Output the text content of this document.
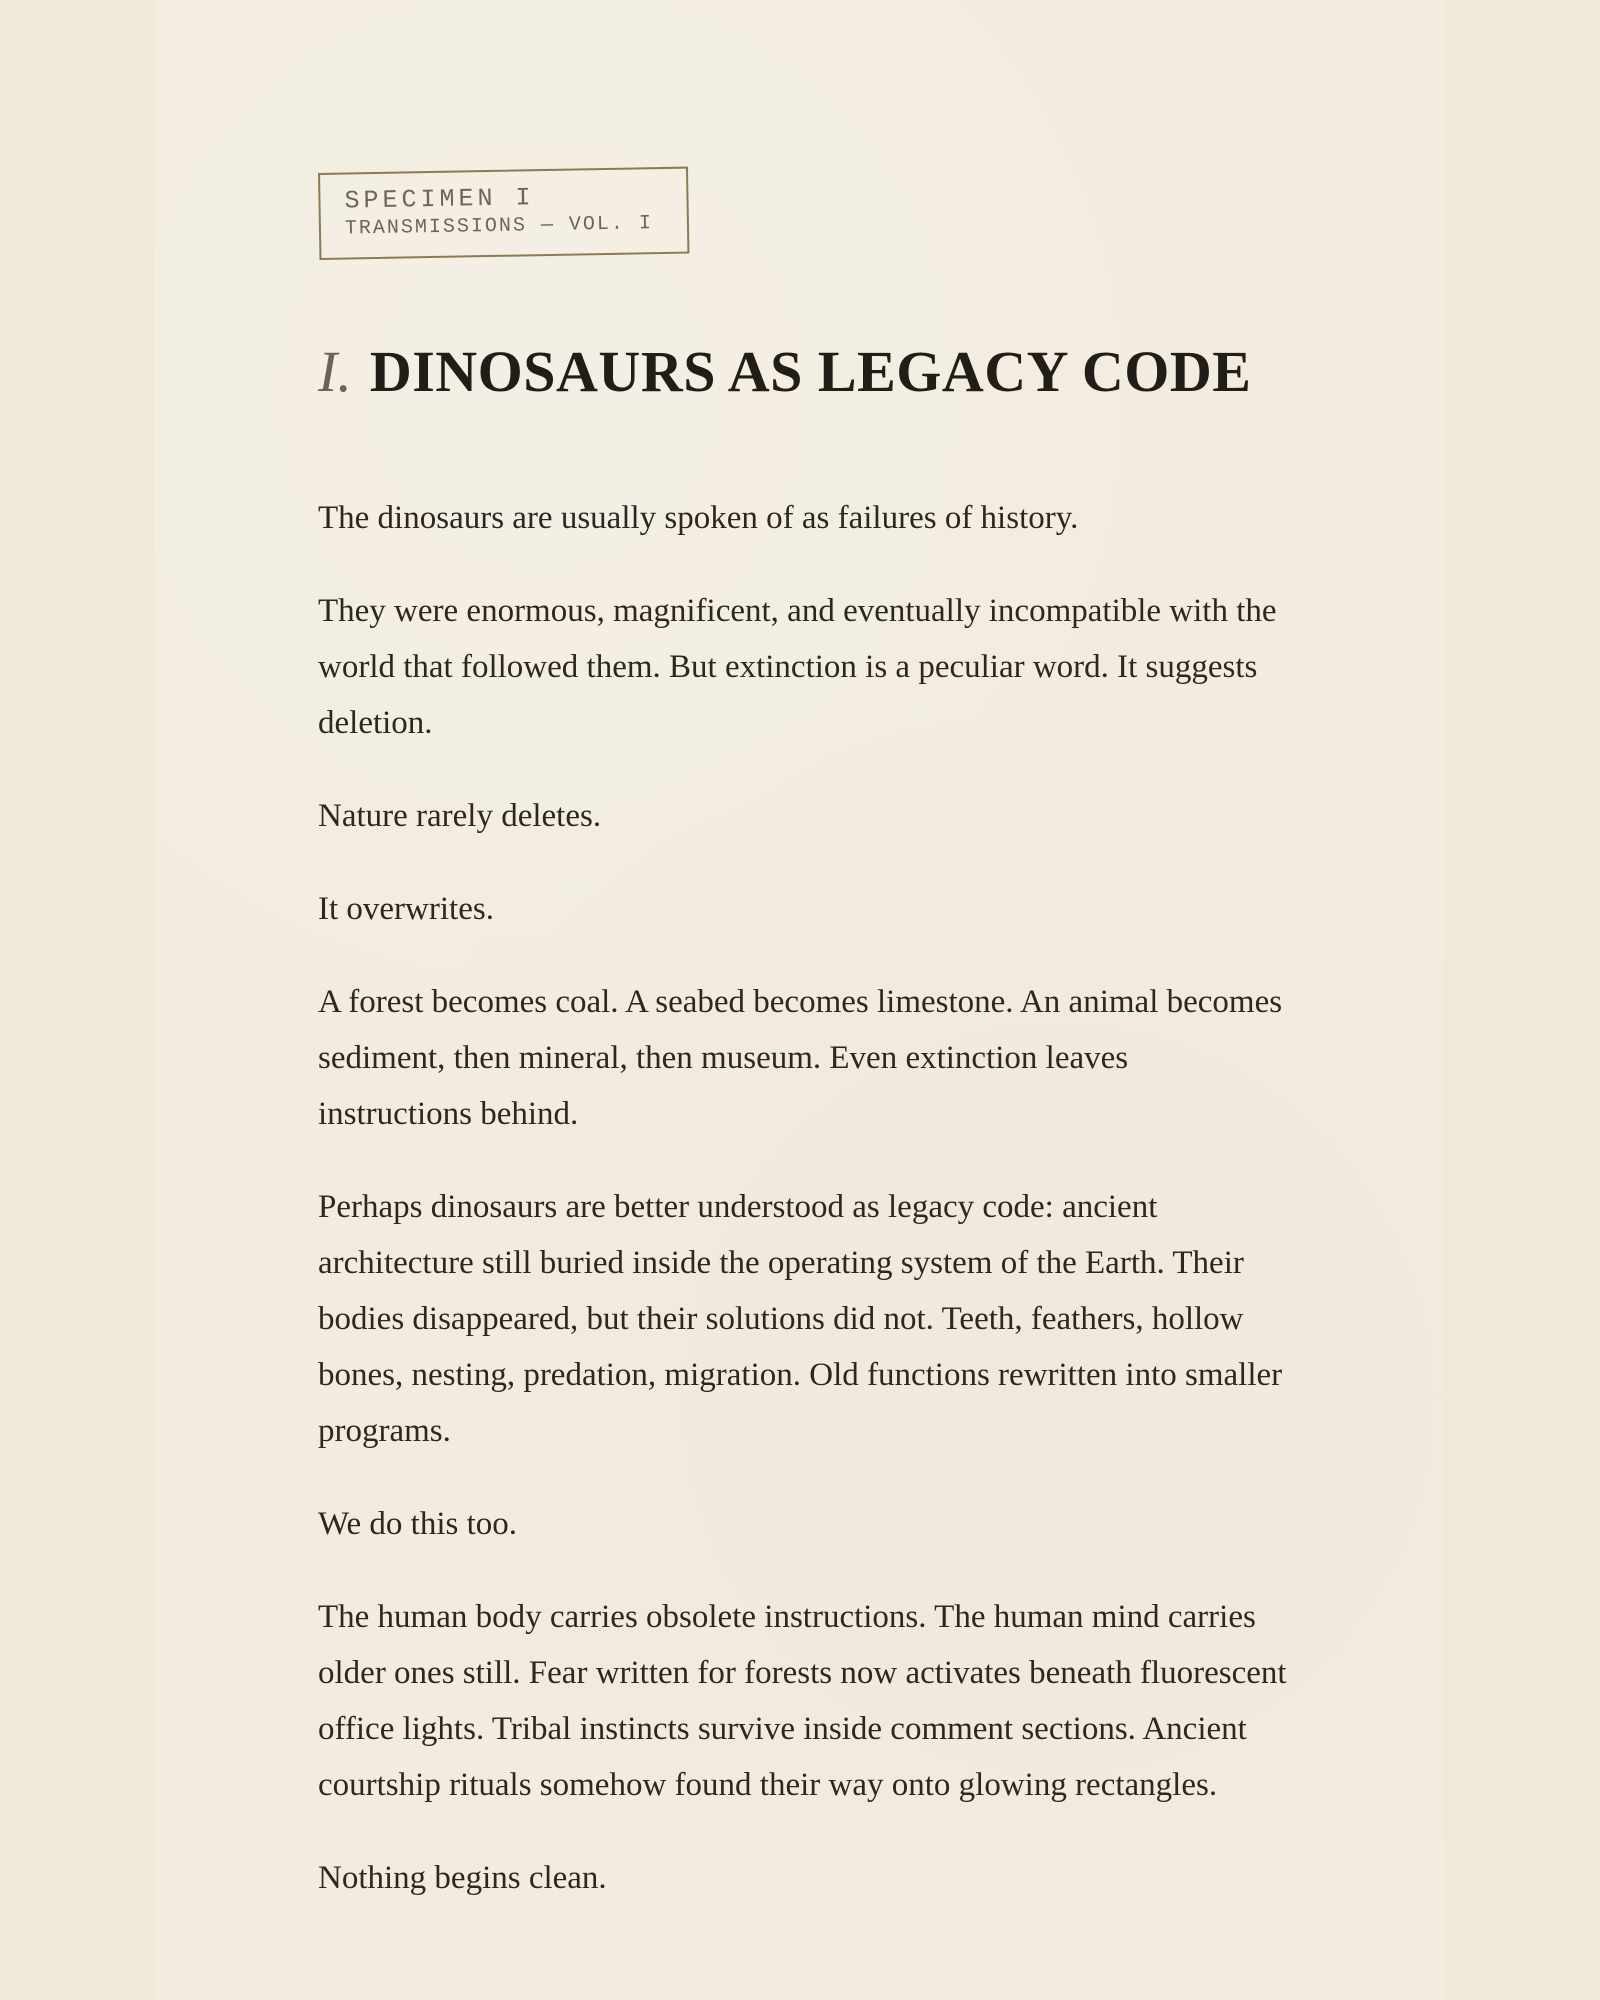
SPECIMEN I
TRANSMISSIONS — VOL. I
I. DINOSAURS AS LEGACY CODE

The dinosaurs are usually spoken of as failures of history.

They were enormous, magnificent, and eventually incompatible with the world that followed them. But extinction is a peculiar word. It suggests deletion.

Nature rarely deletes.

It overwrites.

A forest becomes coal. A seabed becomes limestone. An animal becomes sediment, then mineral, then museum. Even extinction leaves instructions behind.

Perhaps dinosaurs are better understood as legacy code: ancient architecture still buried inside the operating system of the Earth. Their bodies disappeared, but their solutions did not. Teeth, feathers, hollow bones, nesting, predation, migration. Old functions rewritten into smaller programs.

We do this too.

The human body carries obsolete instructions. The human mind carries older ones still. Fear written for forests now activates beneath fluorescent office lights. Tribal instincts survive inside comment sections. Ancient courtship rituals somehow found their way onto glowing rectangles.

Nothing begins clean.
